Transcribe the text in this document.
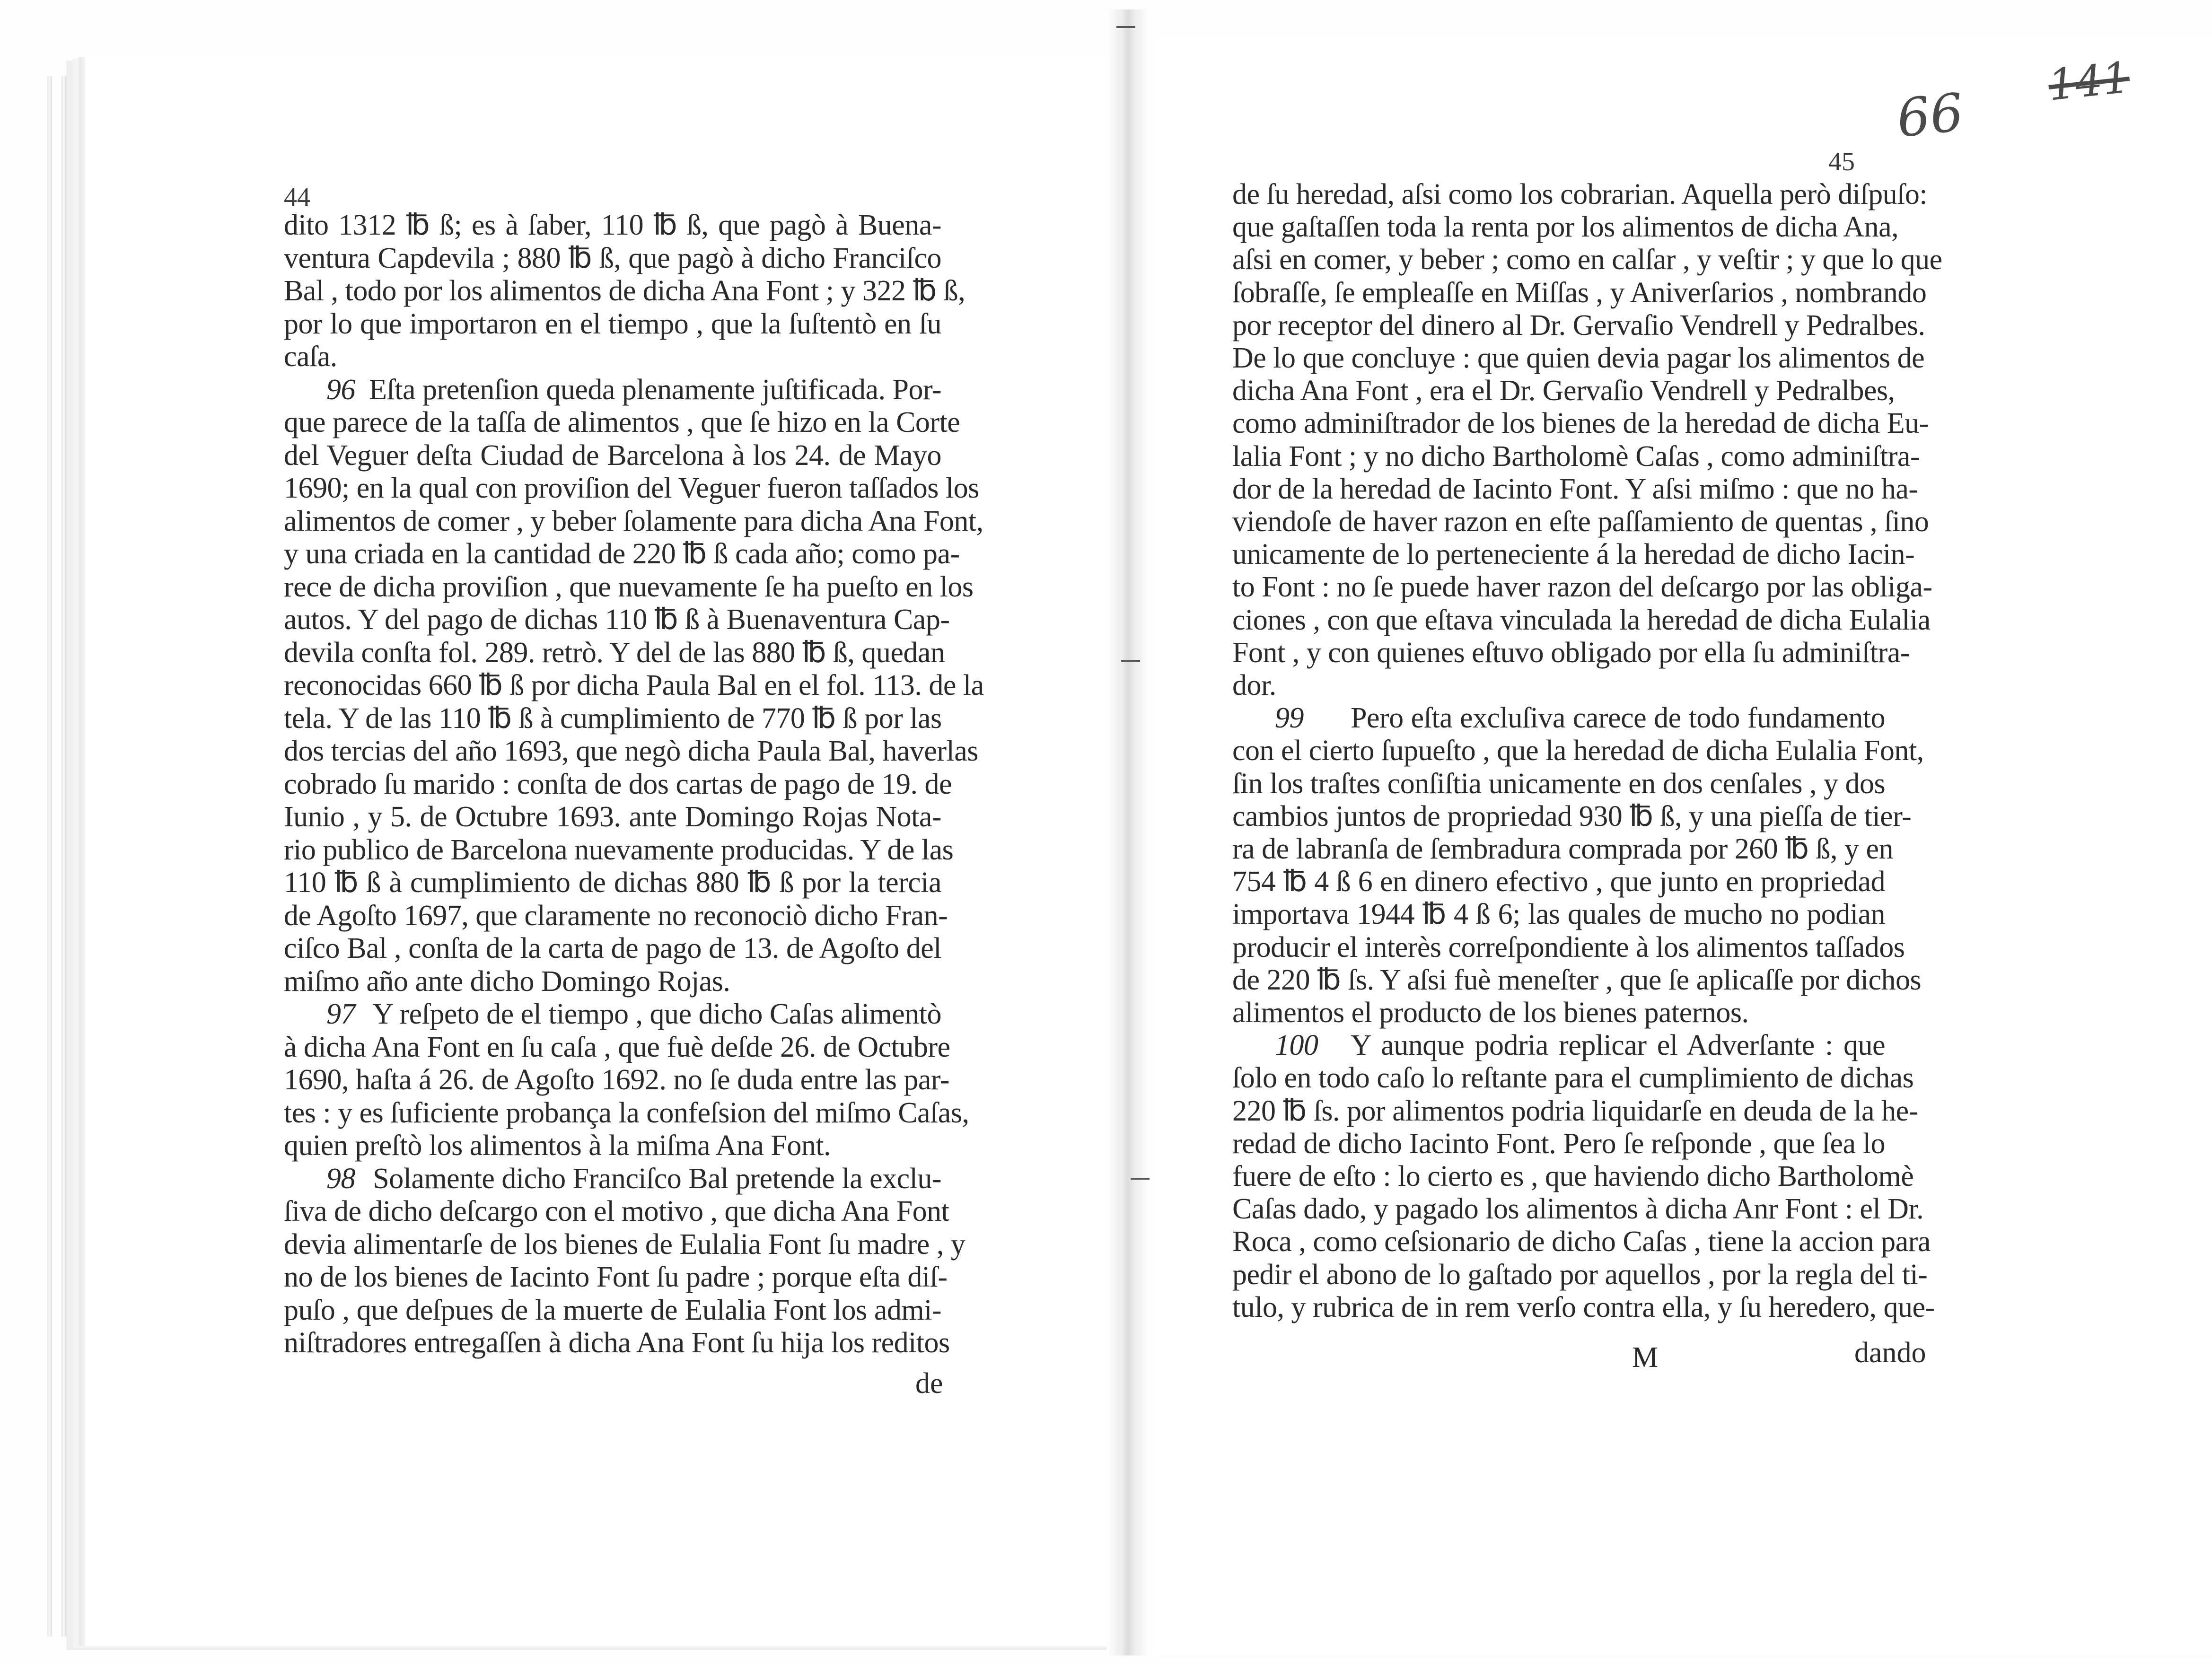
66
141
44
dito 1312 ℔ ß; es à ſaber, 110 ℔ ß, que pagò à Buena-
ventura Capdevila ; 880 ℔ ß, que pagò à dicho Franciſco
Bal , todo por los alimentos de dicha Ana Font ; y 322 ℔ ß,
por lo que importaron en el tiempo , que la ſuſtentò en ſu
caſa.
96 Eſta pretenſion queda plenamente juſtificada. Por-
que parece de la taſſa de alimentos , que ſe hizo en la Corte
del Veguer deſta Ciudad de Barcelona à los 24. de Mayo
1690; en la qual con proviſion del Veguer fueron taſſados los
alimentos de comer , y beber ſolamente para dicha Ana Font,
y una criada en la cantidad de 220 ℔ ß cada año; como pa-
rece de dicha proviſion , que nuevamente ſe ha pueſto en los
autos. Y del pago de dichas 110 ℔ ß à Buenaventura Cap-
devila conſta fol. 289. retrò. Y del de las 880 ℔ ß, quedan
reconocidas 660 ℔ ß por dicha Paula Bal en el fol. 113. de la
tela. Y de las 110 ℔ ß à cumplimiento de 770 ℔ ß por las
dos tercias del año 1693, que negò dicha Paula Bal, haverlas
cobrado ſu marido : conſta de dos cartas de pago de 19. de
Iunio , y 5. de Octubre 1693. ante Domingo Rojas Nota-
rio publico de Barcelona nuevamente producidas. Y de las
110 ℔ ß à cumplimiento de dichas 880 ℔ ß por la tercia
de Agoſto 1697, que claramente no reconociò dicho Fran-
ciſco Bal , conſta de la carta de pago de 13. de Agoſto del
miſmo año ante dicho Domingo Rojas.
97 Y reſpeto de el tiempo , que dicho Caſas alimentò
à dicha Ana Font en ſu caſa , que fuè deſde 26. de Octubre
1690, haſta á 26. de Agoſto 1692. no ſe duda entre las par-
tes : y es ſuficiente probança la confeſsion del miſmo Caſas,
quien preſtò los alimentos à la miſma Ana Font.
98 Solamente dicho Franciſco Bal pretende la exclu-
ſiva de dicho deſcargo con el motivo , que dicha Ana Font
devia alimentarſe de los bienes de Eulalia Font ſu madre , y
no de los bienes de Iacinto Font ſu padre ; porque eſta diſ-
puſo , que deſpues de la muerte de Eulalia Font los admi-
niſtradores entregaſſen à dicha Ana Font ſu hija los reditos
de
45
de ſu heredad, aſsi como los cobrarian. Aquella però diſpuſo:
que gaſtaſſen toda la renta por los alimentos de dicha Ana,
aſsi en comer, y beber ; como en calſar , y veſtir ; y que lo que
ſobraſſe, ſe empleaſſe en Miſſas , y Aniverſarios , nombrando
por receptor del dinero al Dr. Gervaſio Vendrell y Pedralbes.
De lo que concluye : que quien devia pagar los alimentos de
dicha Ana Font , era el Dr. Gervaſio Vendrell y Pedralbes,
como adminiſtrador de los bienes de la heredad de dicha Eu-
lalia Font ; y no dicho Bartholomè Caſas , como adminiſtra-
dor de la heredad de Iacinto Font. Y aſsi miſmo : que no ha-
viendoſe de haver razon en eſte paſſamiento de quentas , ſino
unicamente de lo perteneciente á la heredad de dicho Iacin-
to Font : no ſe puede haver razon del deſcargo por las obliga-
ciones , con que eſtava vinculada la heredad de dicha Eulalia
Font , y con quienes eſtuvo obligado por ella ſu adminiſtra-
dor.
99	Pero eſta excluſiva carece de todo fundamento
con el cierto ſupueſto , que la heredad de dicha Eulalia Font,
ſin los traſtes conſiſtia unicamente en dos cenſales , y dos
cambios juntos de propriedad 930 ℔ ß, y una pieſſa de tier-
ra de labranſa de ſembradura comprada por 260 ℔ ß, y en
754 ℔ 4 ß 6 en dinero efectivo , que junto en propriedad
importava 1944 ℔ 4 ß 6; las quales de mucho no podian
producir el interès correſpondiente à los alimentos taſſados
de 220 ℔ ſs. Y aſsi fuè meneſter , que ſe aplicaſſe por dichos
alimentos el producto de los bienes paternos.
100	Y aunque podria replicar el Adverſante : que
ſolo en todo caſo lo reſtante para el cumplimiento de dichas
220 ℔ ſs. por alimentos podria liquidarſe en deuda de la he-
redad de dicho Iacinto Font. Pero ſe reſponde , que ſea lo
fuere de eſto : lo cierto es , que haviendo dicho Bartholomè
Caſas dado, y pagado los alimentos à dicha Anr Font : el Dr.
Roca , como ceſsionario de dicho Caſas , tiene la accion para
pedir el abono de lo gaſtado por aquellos , por la regla del ti-
tulo, y rubrica de in rem verſo contra ella, y ſu heredero, que-
M	dando
